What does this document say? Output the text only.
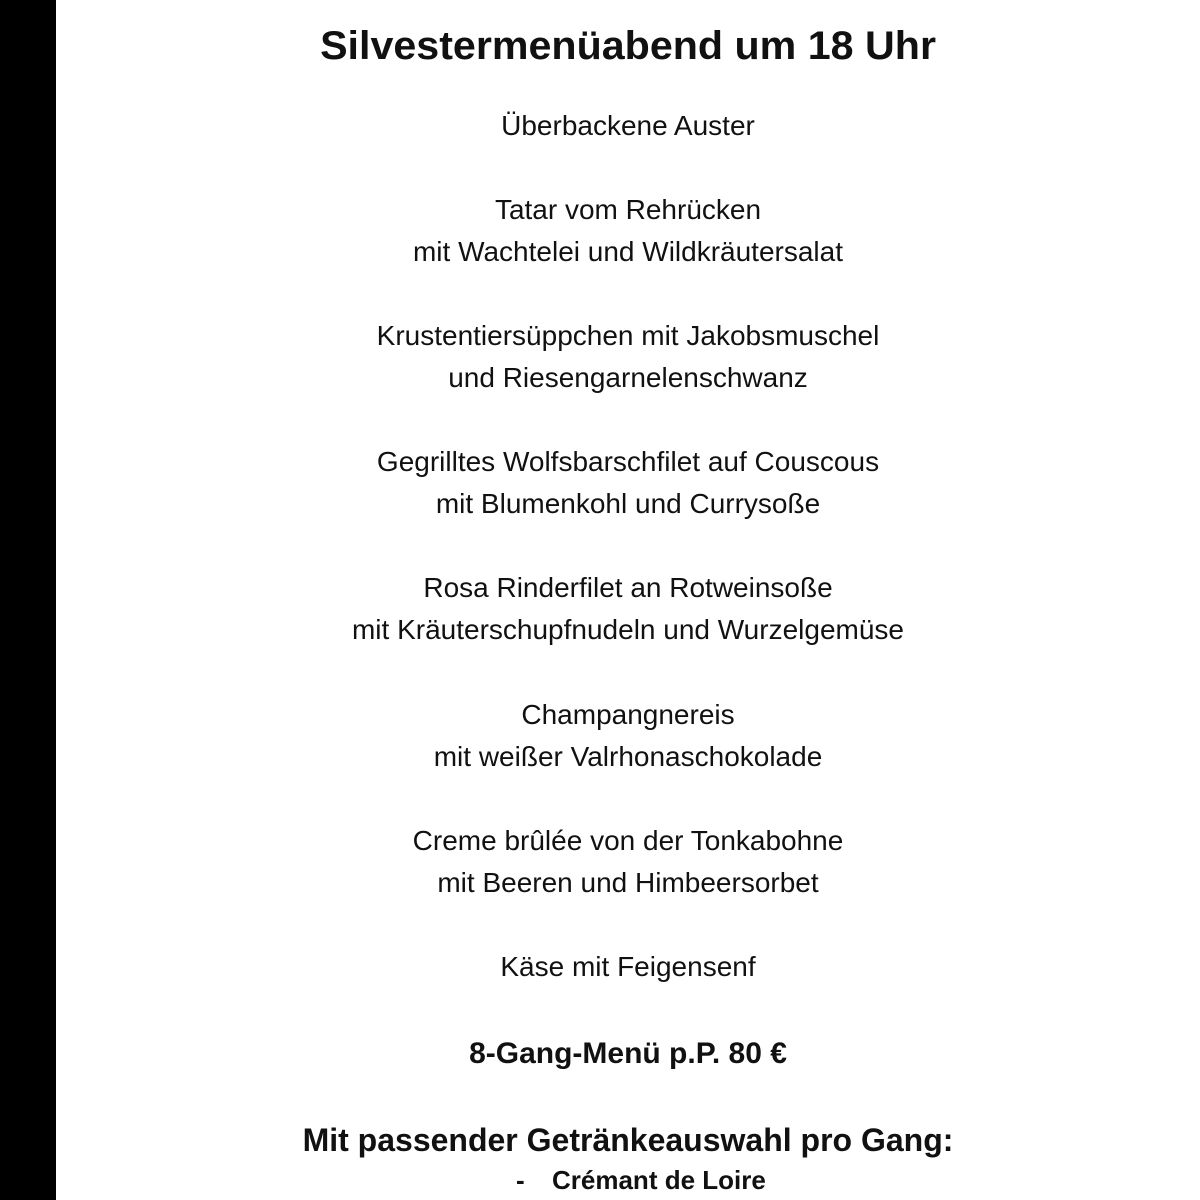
Silvestermenüabend um 18 Uhr
Überbackene Auster
Tatar vom Rehrücken
mit Wachtelei und Wildkräutersalat
Krustentiersüppchen mit Jakobsmuschel
und Riesengarnelenschwanz
Gegrilltes Wolfsbarschfilet auf Couscous
mit Blumenkohl und Currysoße
Rosa Rinderfilet an Rotweinsoße
mit Kräuterschupfnudeln und Wurzelgemüse
Champangnereis
mit weißer Valrhonaschokolade
Creme brûlée von der Tonkabohne
mit Beeren und Himbeersorbet
Käse mit Feigensenf
8-Gang-Menü p.P. 80 €
Mit passender Getränkeauswahl pro Gang:
- Crémant de Loire
